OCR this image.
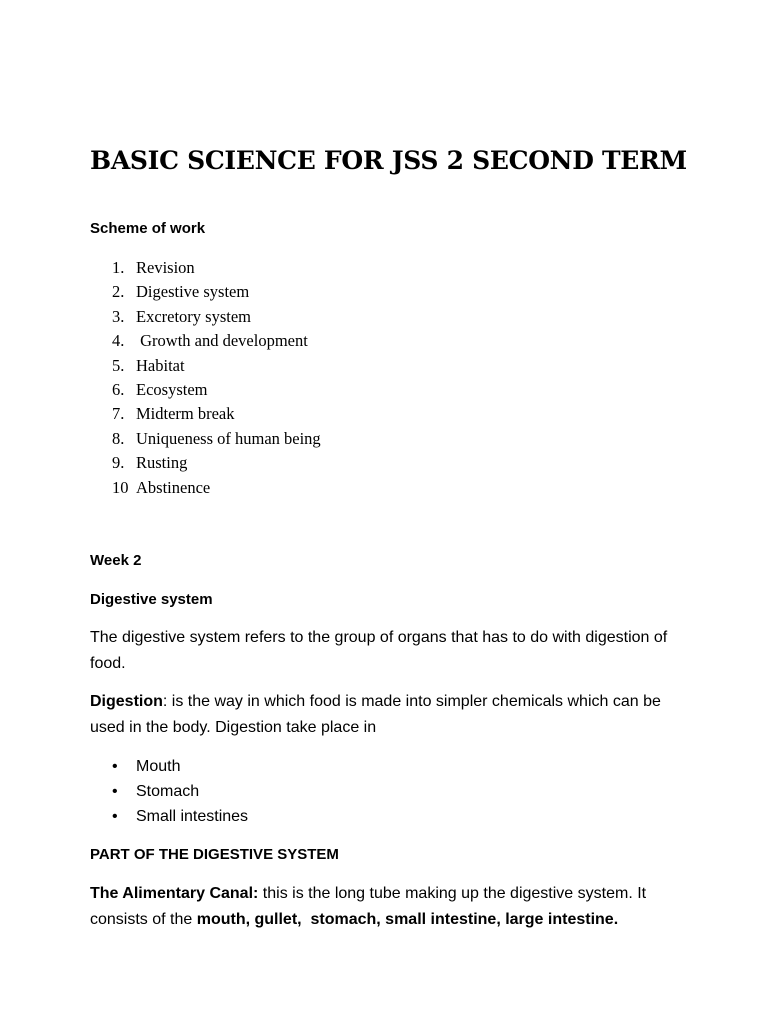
BASIC SCIENCE FOR JSS 2 SECOND TERM

Scheme of work

1. Revision
2. Digestive system
3. Excretory system
4. Growth and development
5. Habitat
6. Ecosystem
7. Midterm break
8. Uniqueness of human being
9. Rusting
10 Abstinence

Week 2

Digestive system

The digestive system refers to the group of organs that has to do with digestion of food.

Digestion: is the way in which food is made into simpler chemicals which can be used in the body. Digestion take place in

• Mouth
• Stomach
• Small intestines

PART OF THE DIGESTIVE SYSTEM

The Alimentary Canal: this is the long tube making up the digestive system. It consists of the mouth, gullet,  stomach, small intestine, large intestine.
